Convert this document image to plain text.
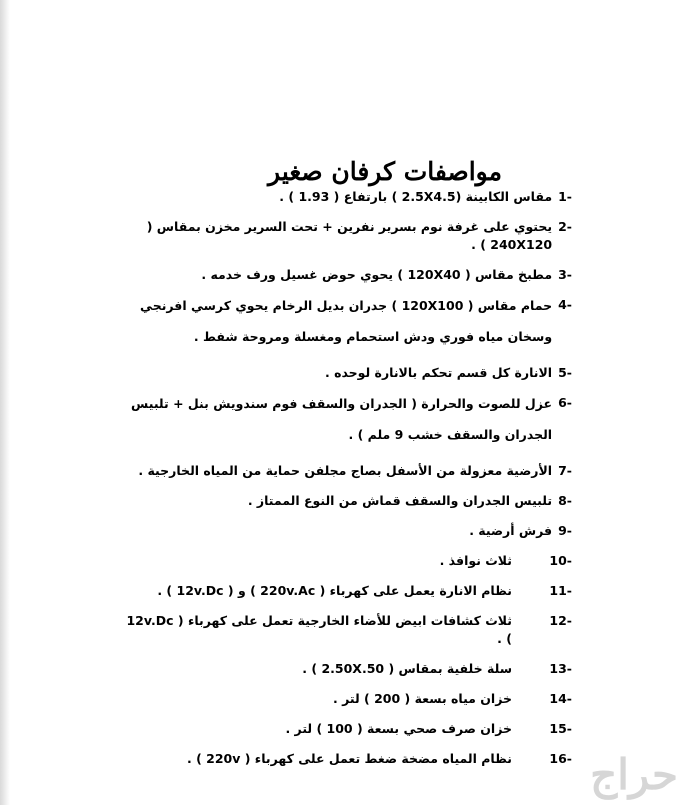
مواصفات كرفان صغير
-1
مقاس الكابينة (2.5X4.5 ) بارتفاع ( 1.93 ) .
-2
يحتوي على غرفة نوم بسرير نفرين + تحت السرير مخزن بمقاس ( 240X120 ) .
-3
مطبخ مقاس ( 120X40 ) يحوي حوض غسيل ورف خدمه .
-4
حمام مقاس ( 120X100 ) جدران بديل الرخام يحوي كرسي افرنجي وسخان مياه فوري ودش استحمام ومغسلة ومروحة شفط .
-5
الانارة كل قسم تحكم بالانارة لوحده .
-6
عزل للصوت والحرارة ( الجدران والسقف فوم سندويش بنل + تلبيس الجدران والسقف خشب 9 ملم ) .
-7
الأرضية معزولة من الأسفل بصاج مجلفن حماية من المياه الخارجية .
-8
تلبيس الجدران والسقف قماش من النوع الممتاز .
-9
فرش أرضية .
-10
ثلاث نوافذ .
-11
نظام الانارة يعمل على كهرباء ( 220v.Ac ) و ( 12v.Dc ) .
-12
ثلاث كشافات ابيض للأضاء الخارجية تعمل على كهرباء ( 12v.Dc ) .
-13
سلة خلفية بمقاس ( 2.50X.50 ) .
-14
خزان مياه بسعة ( 200 ) لتر .
-15
خزان صرف صحي بسعة ( 100 ) لتر .
-16
نظام المياه مضخة ضغط تعمل على كهرباء ( 220v ) . حراج
